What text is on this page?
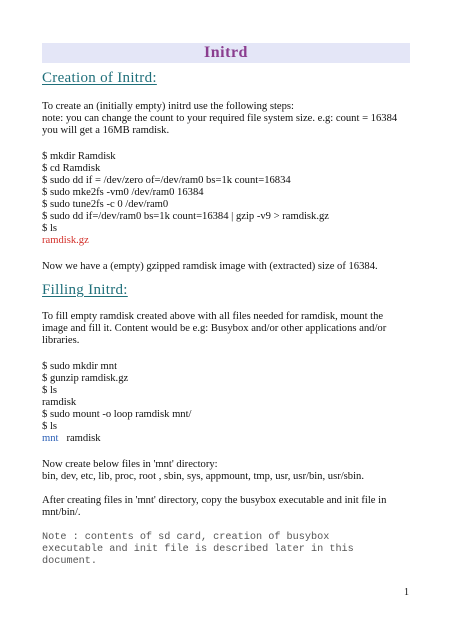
Initrd
Creation of Initrd:
To create an (initially empty) initrd use the following steps:
note: you can change the count to your required file system size. e.g: count = 16384
you will get a 16MB ramdisk.
$ mkdir Ramdisk
$ cd Ramdisk
$ sudo dd if = /dev/zero of=/dev/ram0 bs=1k count=16834
$ sudo mke2fs -vm0 /dev/ram0 16384
$ sudo tune2fs -c 0 /dev/ram0
$ sudo dd if=/dev/ram0 bs=1k count=16384 | gzip -v9 > ramdisk.gz
$ ls
ramdisk.gz
Now we have a (empty) gzipped ramdisk image with (extracted) size of 16384.
Filling Initrd:
To fill empty ramdisk created above with all files needed for ramdisk, mount the
image and fill it. Content would be e.g: Busybox and/or other applications and/or
libraries.
$ sudo mkdir mnt
$ gunzip ramdisk.gz
$ ls
ramdisk
$ sudo mount -o loop ramdisk mnt/
$ ls
mnt ramdisk
Now create below files in 'mnt' directory:
bin, dev, etc, lib, proc, root , sbin, sys, appmount, tmp, usr, usr/bin, usr/sbin.
After creating files in 'mnt' directory, copy the busybox executable and init file in
mnt/bin/.
Note : contents of sd card, creation of busybox
executable and init file is described later in this
document.
1
